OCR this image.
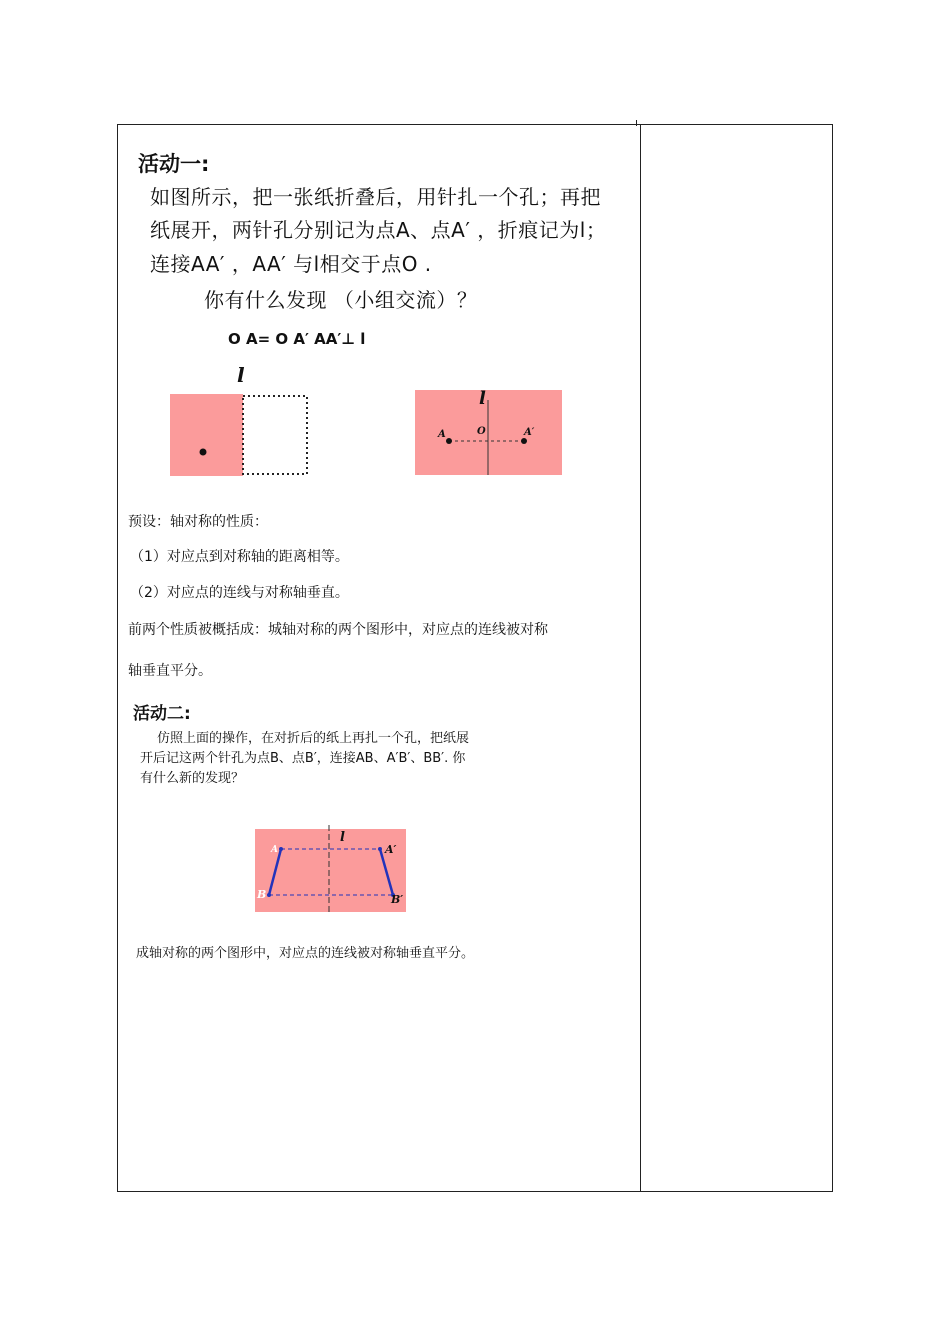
活动一:
如图所示，把一张纸折叠后，用针扎一个孔；再把
纸展开，两针孔分别记为点A、点A′ ，折痕记为l；
连接AA′ ，AA′ 与l相交于点O .
你有什么发现 （小组交流）？
O A= O A′ AA′⊥ l
l
l
A	O	A′
预设：轴对称的性质：
（1）对应点到对称轴的距离相等。
（2）对应点的连线与对称轴垂直。
前两个性质被概括成：城轴对称的两个图形中，对应点的连线被对称
轴垂直平分。
活动二:
仿照上面的操作，在对折后的纸上再扎一个孔，把纸展
开后记这两个针孔为点B、点B′，连接AB、A′B′、BB′. 你
有什么新的发现？
l
A	A′
B	B′
成轴对称的两个图形中，对应点的连线被对称轴垂直平分。
